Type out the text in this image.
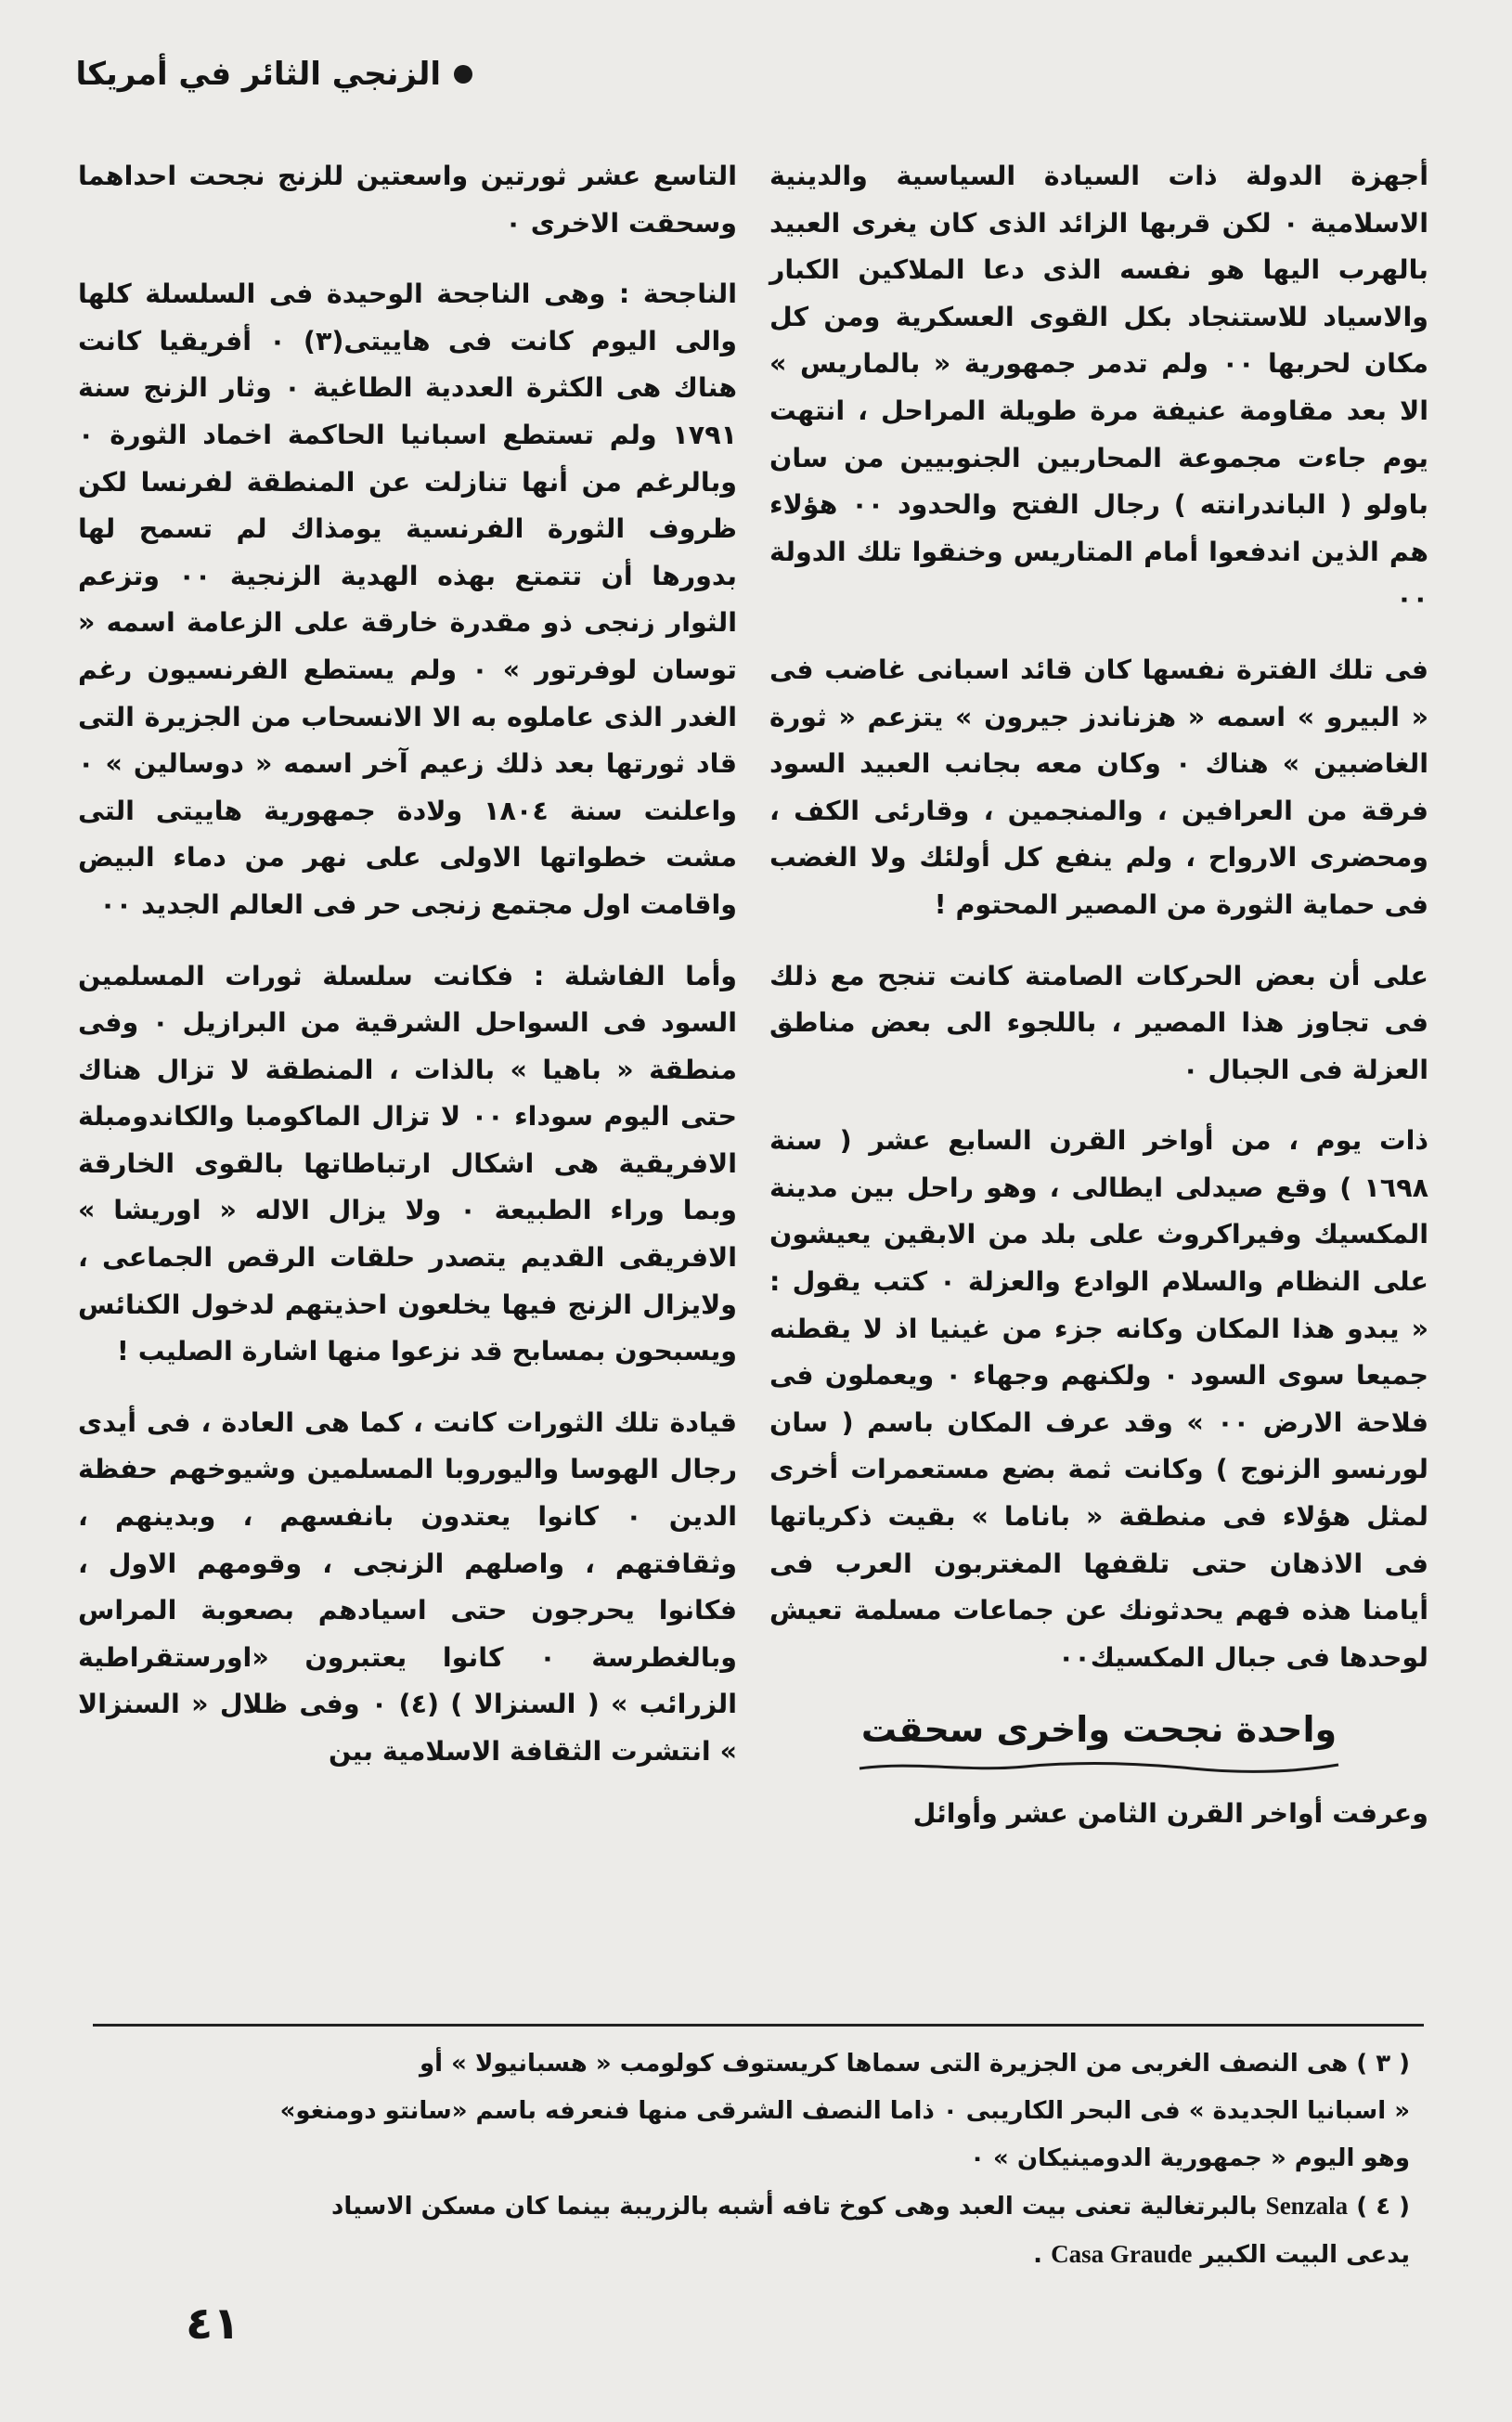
الزنجي الثائر في أمريكا

أجهزة الدولة ذات السيادة السياسية والدينية الاسلامية ٠ لكن قربها الزائد الذى كان يغرى العبيد بالهرب اليها هو نفسه الذى دعا الملاكين الكبار والاسياد للاستنجاد بكل القوى العسكرية ومن كل مكان لحربها ٠٠ ولم تدمر جمهورية « بالماريس » الا بعد مقاومة عنيفة مرة طويلة المراحل ، انتهت يوم جاءت مجموعة المحاربين الجنوبيين من سان باولو ( الباندرانته ) رجال الفتح والحدود ٠٠ هؤلاء هم الذين اندفعوا أمام المتاريس وخنقوا تلك الدولة ٠٠

فى تلك الفترة نفسها كان قائد اسبانى غاضب فى « البيرو » اسمه « هزناندز جيرون » يتزعم « ثورة الغاضبين » هناك ٠ وكان معه بجانب العبيد السود فرقة من العرافين ، والمنجمين ، وقارئى الكف ، ومحضرى الارواح ، ولم ينفع كل أولئك ولا الغضب فى حماية الثورة من المصير المحتوم !

على أن بعض الحركات الصامتة كانت تنجح مع ذلك فى تجاوز هذا المصير ، باللجوء الى بعض مناطق العزلة فى الجبال ٠

ذات يوم ، من أواخر القرن السابع عشر ( سنة ١٦٩٨ ) وقع صيدلى ايطالى ، وهو راحل بين مدينة المكسيك وفيراكروث على بلد من الابقين يعيشون على النظام والسلام الوادع والعزلة ٠ كتب يقول : « يبدو هذا المكان وكانه جزء من غينيا اذ لا يقطنه جميعا سوى السود ٠ ولكنهم وجهاء ٠ ويعملون فى فلاحة الارض ٠٠ » وقد عرف المكان باسم ( سان لورنسو الزنوج ) وكانت ثمة بضع مستعمرات أخرى لمثل هؤلاء فى منطقة « باناما » بقيت ذكرياتها فى الاذهان حتى تلقفها المغتربون العرب فى أيامنا هذه فهم يحدثونك عن جماعات مسلمة تعيش لوحدها فى جبال المكسيك٠٠

واحدة نجحت واخرى سحقت

وعرفت أواخر القرن الثامن عشر وأوائل

التاسع عشر ثورتين واسعتين للزنج نجحت احداهما وسحقت الاخرى ٠

الناجحة : وهى الناجحة الوحيدة فى السلسلة كلها والى اليوم كانت فى هاييتى(٣) ٠ أفريقيا كانت هناك هى الكثرة العددية الطاغية ٠ وثار الزنج سنة ١٧٩١ ولم تستطع اسبانيا الحاكمة اخماد الثورة ٠ وبالرغم من أنها تنازلت عن المنطقة لفرنسا لكن ظروف الثورة الفرنسية يومذاك لم تسمح لها بدورها أن تتمتع بهذه الهدية الزنجية ٠٠ وتزعم الثوار زنجى ذو مقدرة خارقة على الزعامة اسمه « توسان لوفرتور » ٠ ولم يستطع الفرنسيون رغم الغدر الذى عاملوه به الا الانسحاب من الجزيرة التى قاد ثورتها بعد ذلك زعيم آخر اسمه « دوسالين » ٠ واعلنت سنة ١٨٠٤ ولادة جمهورية هاييتى التى مشت خطواتها الاولى على نهر من دماء البيض واقامت اول مجتمع زنجى حر فى العالم الجديد ٠٠

وأما الفاشلة : فكانت سلسلة ثورات المسلمين السود فى السواحل الشرقية من البرازيل ٠ وفى منطقة « باهيا » بالذات ، المنطقة لا تزال هناك حتى اليوم سوداء ٠٠ لا تزال الماكومبا والكاندومبلة الافريقية هى اشكال ارتباطاتها بالقوى الخارقة وبما وراء الطبيعة ٠ ولا يزال الاله « اوريشا » الافريقى القديم يتصدر حلقات الرقص الجماعى ، ولايزال الزنج فيها يخلعون احذيتهم لدخول الكنائس ويسبحون بمسابح قد نزعوا منها اشارة الصليب !

قيادة تلك الثورات كانت ، كما هى العادة ، فى أيدى رجال الهوسا واليوروبا المسلمين وشيوخهم حفظة الدين ٠ كانوا يعتدون بانفسهم ، وبدينهم ، وثقافتهم ، واصلهم الزنجى ، وقومهم الاول ، فكانوا يحرجون حتى اسيادهم بصعوبة المراس وبالغطرسة ٠ كانوا يعتبرون «اورستقراطية الزرائب » ( السنزالا ) (٤) ٠ وفى ظلال « السنزالا » انتشرت الثقافة الاسلامية بين

( ٣ ) هى النصف الغربى من الجزيرة التى سماها كريستوف كولومب « هسبانيولا » أو

« اسبانيا الجديدة » فى البحر الكاريبى ٠ ذاما النصف الشرقى منها فنعرفه باسم «سانتو دومنغو»

وهو اليوم « جمهورية الدومينيكان » ٠

( ٤ ) Senzala بالبرتغالية تعنى بيت العبد وهى كوخ تافه أشبه بالزريبة بينما كان مسكن الاسياد

يدعى البيت الكبير Casa Graude .

٤١
